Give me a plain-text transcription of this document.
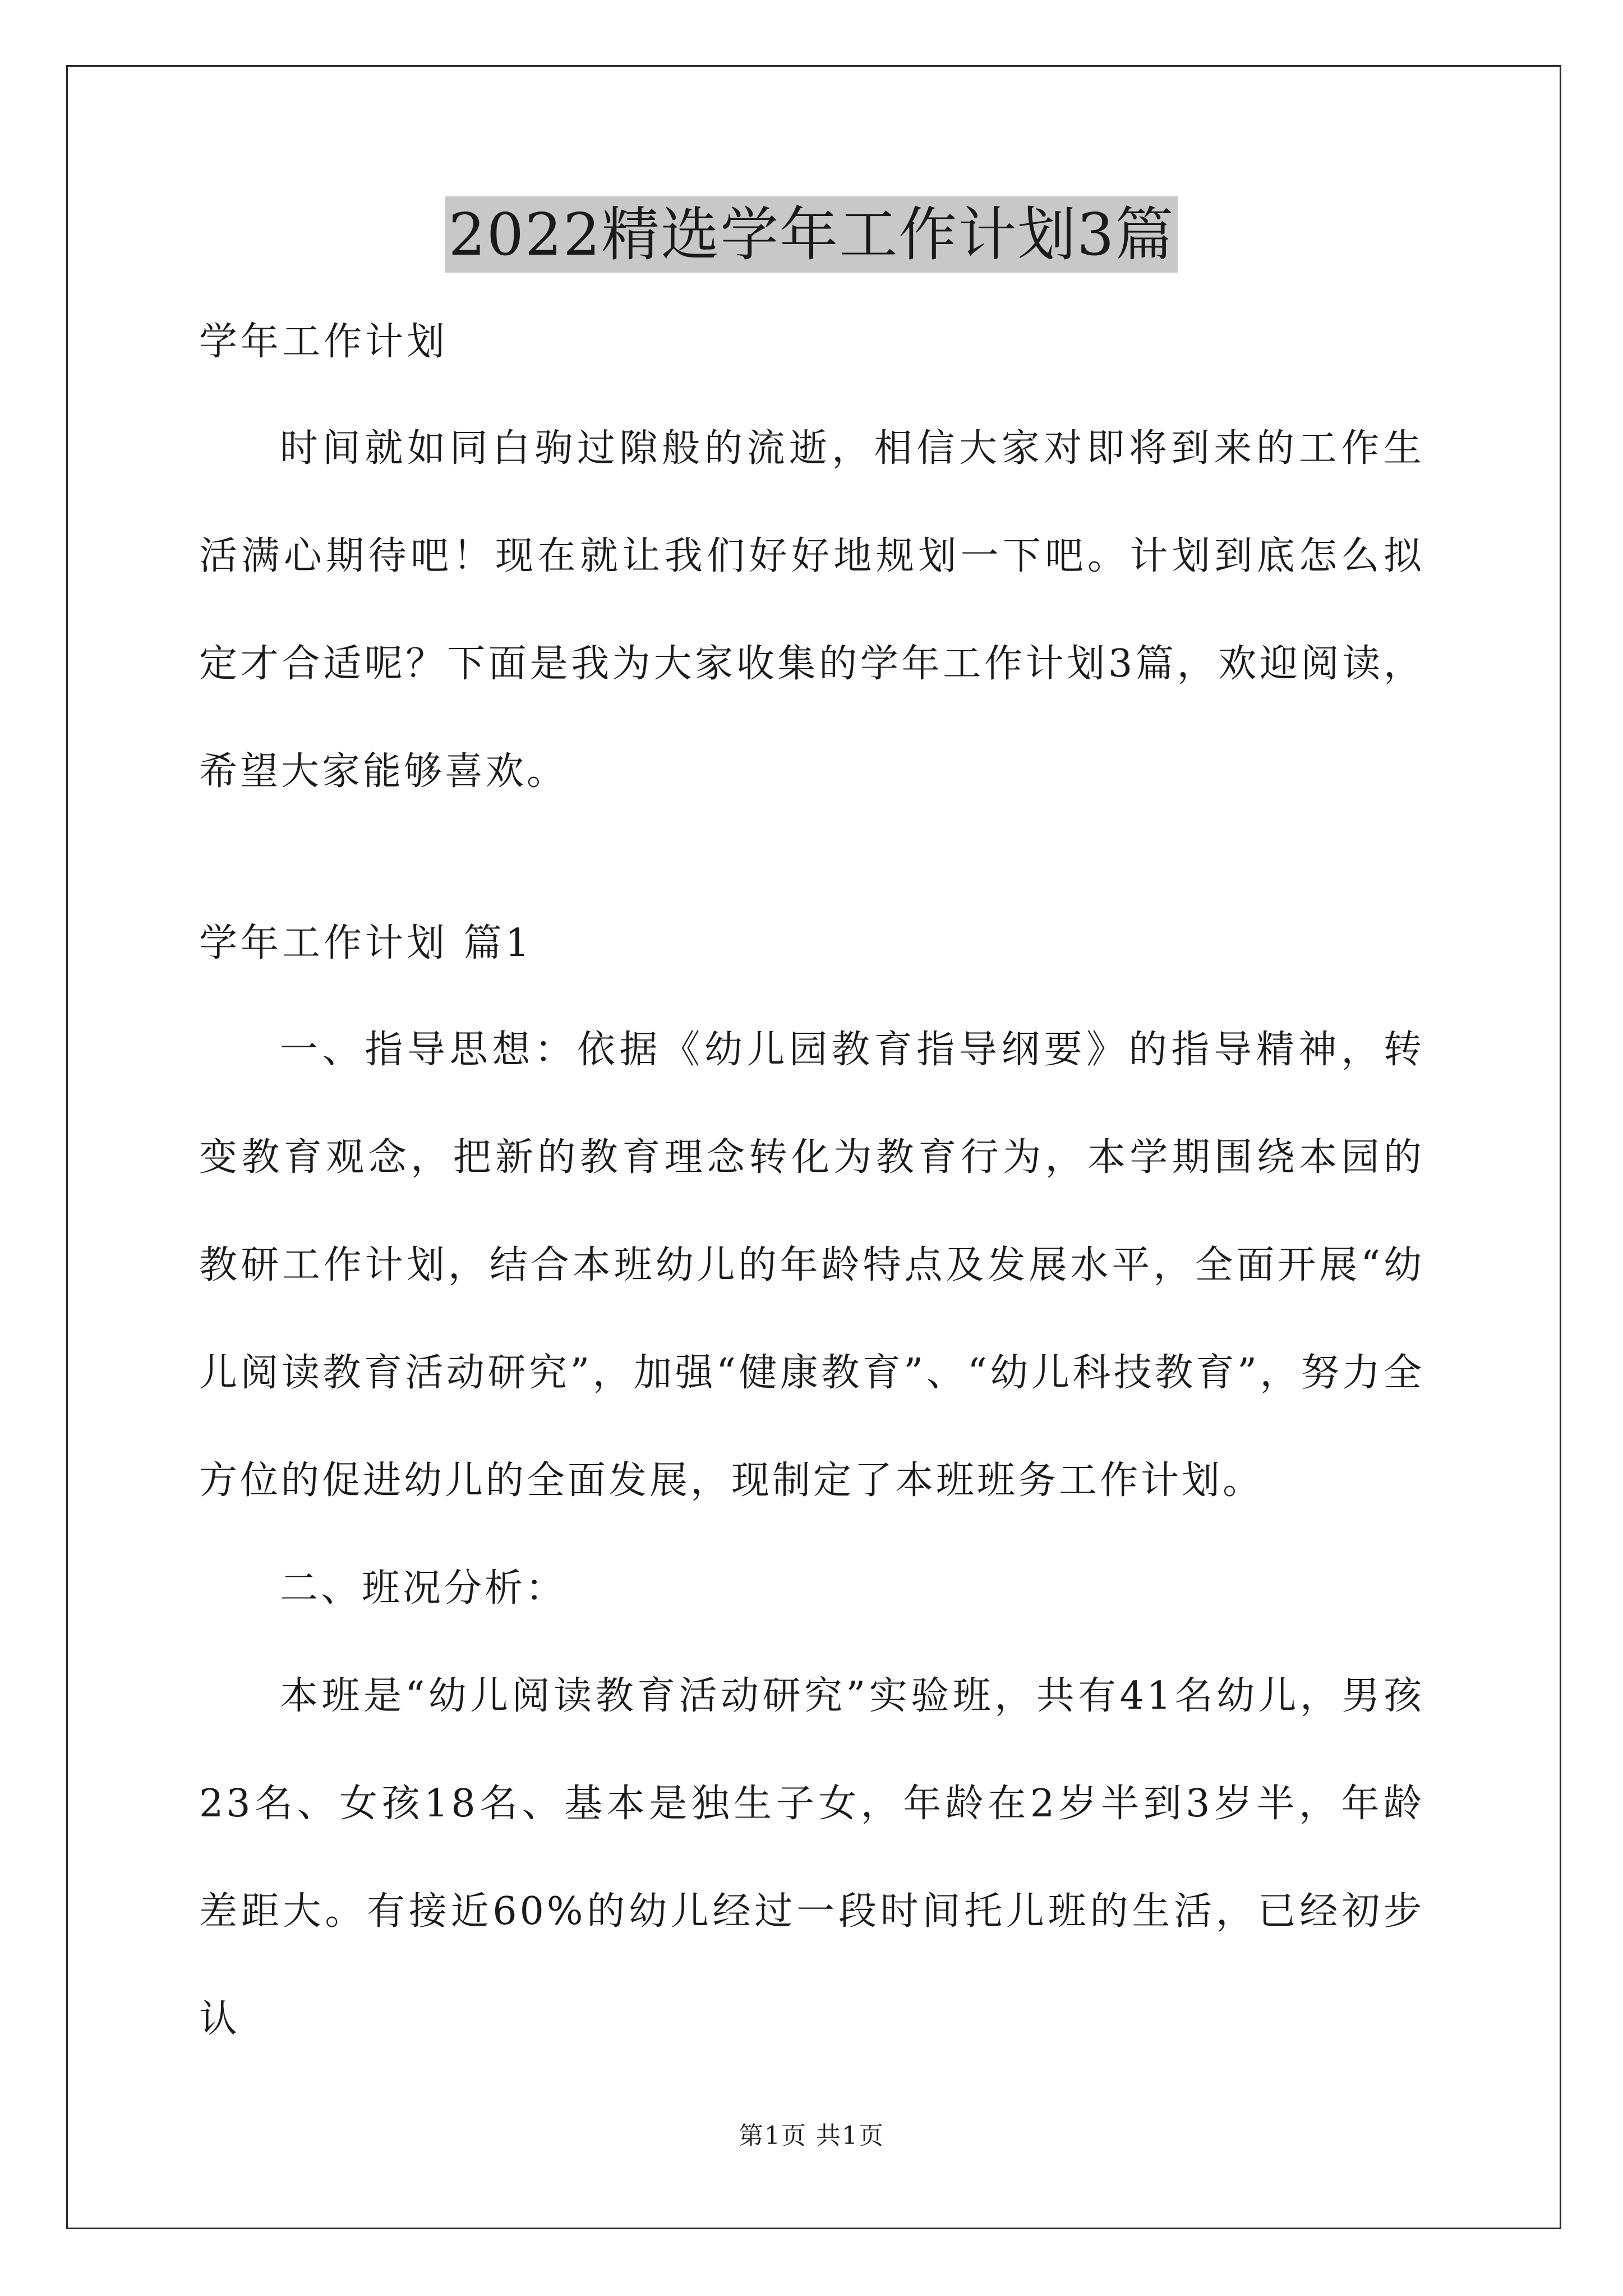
2022精选学年工作计划3篇

学年工作计划

时间就如同白驹过隙般的流逝，相信大家对即将到来的工作生活满心期待吧！现在就让我们好好地规划一下吧。计划到底怎么拟定才合适呢？下面是我为大家收集的学年工作计划3篇，欢迎阅读，希望大家能够喜欢。

学年工作计划 篇1

一、指导思想：依据《幼儿园教育指导纲要》的指导精神，转变教育观念，把新的教育理念转化为教育行为，本学期围绕本园的教研工作计划，结合本班幼儿的年龄特点及发展水平，全面开展“幼儿阅读教育活动研究”，加强“健康教育”、“幼儿科技教育”，努力全方位的促进幼儿的全面发展，现制定了本班班务工作计划。

二、班况分析：

本班是“幼儿阅读教育活动研究”实验班，共有41名幼儿，男孩23名、女孩18名、基本是独生子女，年龄在2岁半到3岁半，年龄差距大。有接近60%的幼儿经过一段时间托儿班的生活，已经初步认

第1页 共1页
